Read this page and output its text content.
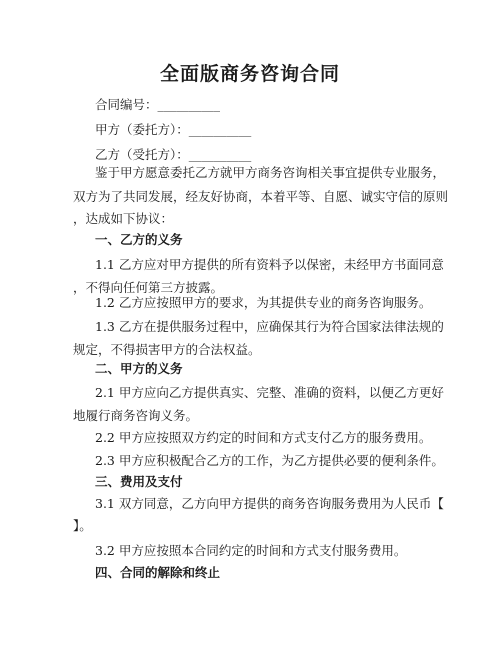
全面版商务咨询合同
合同编号：__________
甲方（委托方）：__________
乙方（受托方）：__________
鉴于甲方愿意委托乙方就甲方商务咨询相关事宜提供专业服务，
双方为了共同发展，经友好协商，本着平等、自愿、诚实守信的原则
，达成如下协议：
一、乙方的义务
1.1 乙方应对甲方提供的所有资料予以保密，未经甲方书面同意
，不得向任何第三方披露。
1.2 乙方应按照甲方的要求，为其提供专业的商务咨询服务。
1.3 乙方在提供服务过程中，应确保其行为符合国家法律法规的
规定，不得损害甲方的合法权益。
二、甲方的义务
2.1 甲方应向乙方提供真实、完整、准确的资料，以便乙方更好
地履行商务咨询义务。
2.2 甲方应按照双方约定的时间和方式支付乙方的服务费用。
2.3 甲方应积极配合乙方的工作，为乙方提供必要的便利条件。
三、费用及支付
3.1 双方同意，乙方向甲方提供的商务咨询服务费用为人民币【
】。
3.2 甲方应按照本合同约定的时间和方式支付服务费用。
四、合同的解除和终止
